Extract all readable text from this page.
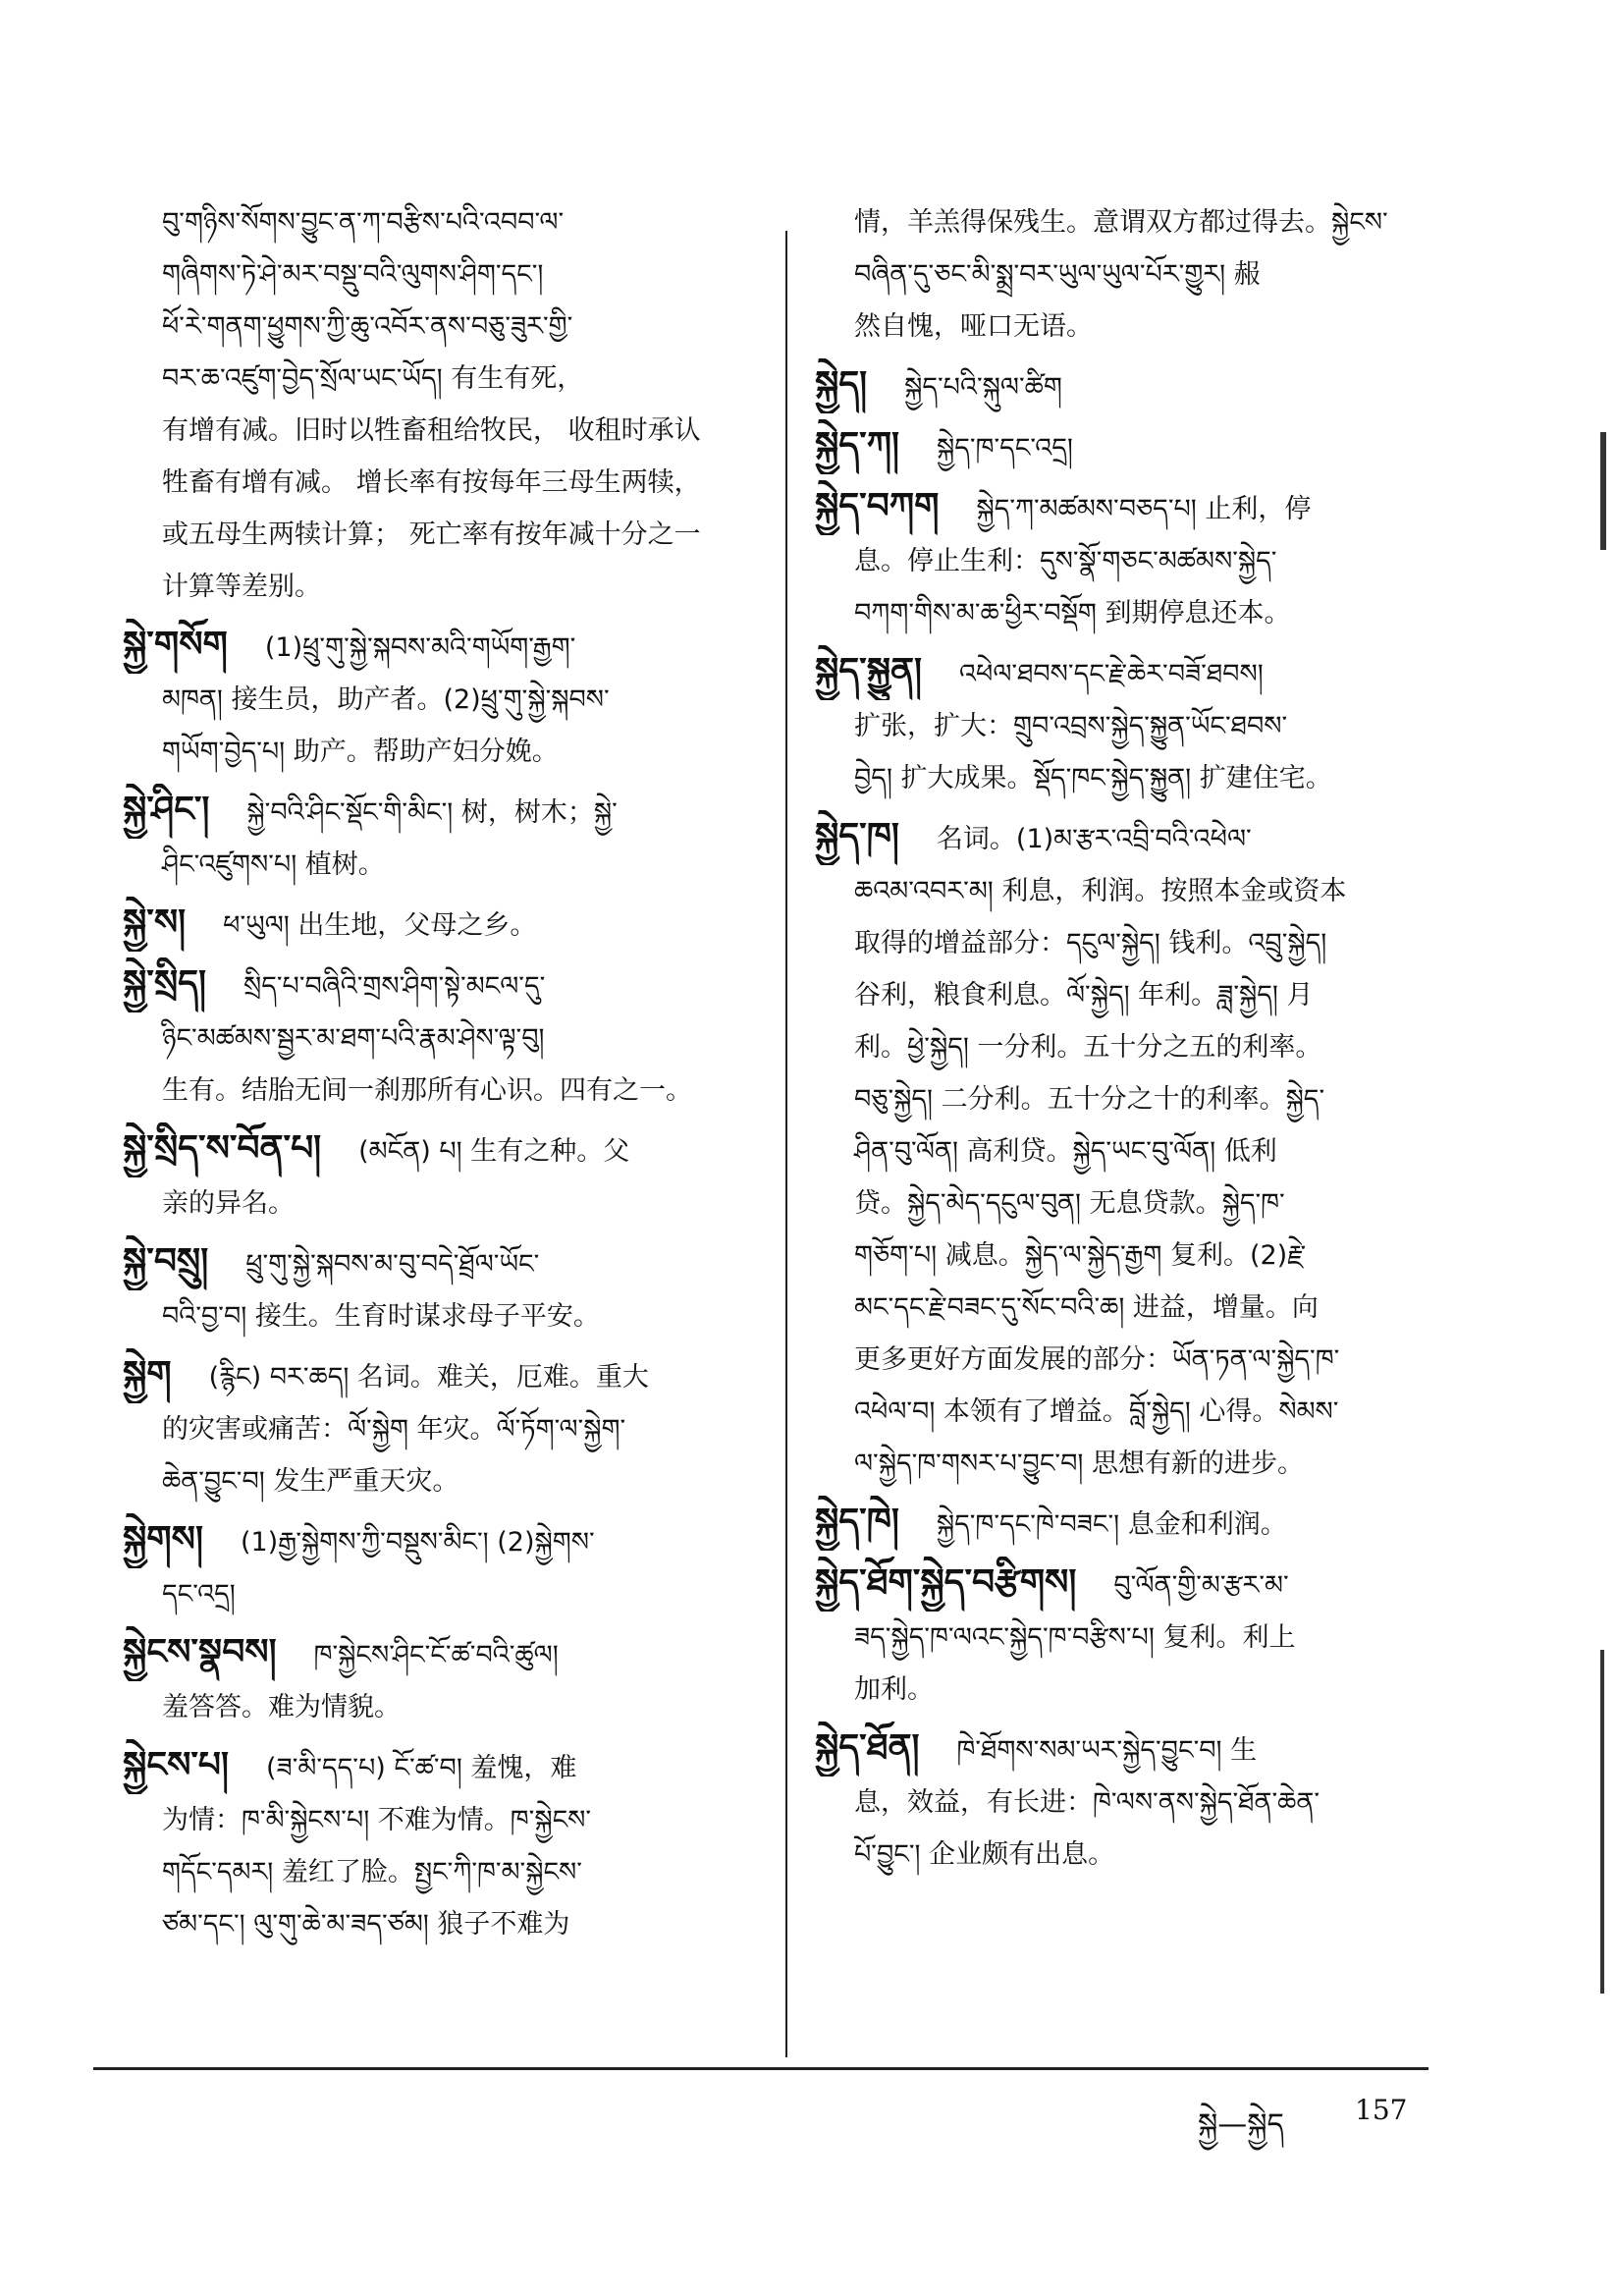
བུ་གཉིས་སོགས་བྱུང་ན་ཀ་བརྩིས་པའི་འབབ་ལ་
གཞིགས་ཏེ་ཤེ་མར་བསྡུ་བའི་ལུགས་ཤིག་དང་།
ཕོ་རེ་གནག་ཕྱུགས་ཀྱི་ཆུ་འབོར་ནས་བཅུ་ཟུར་གྱི་
བར་ཆ་འཛུག་བྱེད་སྲོལ་ཡང་ཡོད། 有生有死，
有增有减。旧时以牲畜租给牧民， 收租时承认
牲畜有增有减。 增长率有按每年三母生两犊，
或五母生两犊计算； 死亡率有按年减十分之一
计算等差别。
སྐྱེ་གསོག (1)ཕྲུ་གུ་སྐྱེ་སྐབས་མའི་གཡོག་རྒྱག་
མཁན། 接生员，助产者。(2)ཕྲུ་གུ་སྐྱེ་སྐབས་
གཡོག་བྱེད་པ། 助产。帮助产妇分娩。
སྐྱེ་ཤིང་། སྐྱེ་བའི་ཤིང་སྡོང་གི་མིང་། 树，树木；སྐྱེ་
ཤིང་འཛུགས་པ། 植树。
སྐྱེ་ས། ཕ་ཡུལ། 出生地，父母之乡。
སྐྱེ་སྲིད། སྲིད་པ་བཞིའི་གྲས་ཤིག་སྟེ་མངལ་དུ་
ཉིང་མཚམས་སྦྱར་མ་ཐག་པའི་རྣམ་ཤེས་ལྟ་བུ།
生有。结胎无间一刹那所有心识。四有之一。
སྐྱེ་སྲིད་ས་བོན་པ། (མངོན) པ། 生有之种。父
亲的异名。
སྐྱེ་བསྲུ། ཕྲུ་གུ་སྐྱེ་སྐབས་མ་བུ་བདེ་ཐྲོལ་ཡོང་
བའི་བྱ་བ། 接生。生育时谋求母子平安。
སྐྱེག (རྙིང) བར་ཆད། 名词。难关，厄难。重大
的灾害或痛苦：ལོ་སྐྱེག 年灾。ལོ་ཏོག་ལ་སྐྱེག་
ཆེན་བྱུང་བ། 发生严重天灾。
སྐྱེགས། (1)རྒྱ་སྐྱེགས་ཀྱི་བསྡུས་མིང་། (2)སྐྱེགས་
དང་འདྲ།
སྐྱེངས་སྣབས། ཁ་སྐྱེངས་ཤིང་ངོ་ཚ་བའི་ཚུལ།
羞答答。难为情貌。
སྐྱེངས་པ། (ཟ་མི་དད་པ) ངོ་ཚ་བ། 羞愧，难
为情：ཁ་མི་སྐྱེངས་པ། 不难为情。ཁ་སྐྱེངས་
གདོང་དམར། 羞红了脸。སྤྱང་ཀི་ཁ་མ་སྐྱེངས་
ཙམ་དང་། ལུ་གུ་ཆེ་མ་ཟད་ཙམ། 狼子不难为
情，羊羔得保残生。意谓双方都过得去。སྐྱེངས་
བཞིན་དུ་ཅང་མི་སྨྲ་བར་ཡུལ་ཡུལ་པོར་གྱུར། 赧
然自愧，哑口无语。
སྐྱེད། སྐྱེད་པའི་སྐུལ་ཚིག
སྐྱེད་ཀ། སྐྱེད་ཁ་དང་འདྲ།
སྐྱེད་བཀག སྐྱེད་ཀ་མཚམས་བཅད་པ། 止利，停
息。停止生利：དུས་སྣོ་གཅང་མཚམས་སྐྱེད་
བཀག་གིས་མ་ཆ་ཕྱིར་བསྡོག 到期停息还本。
སྐྱེད་སྐྱུན། འཕེལ་ཐབས་དང་རྗེ་ཆེར་བཟོ་ཐབས།
扩张，扩大：གྲུབ་འབྲས་སྐྱེད་སྐྱུན་ཡོང་ཐབས་
བྱེད། 扩大成果。སྡོད་ཁང་སྐྱེད་སྐྱུན། 扩建住宅。
སྐྱེད་ཁ། 名词。(1)མ་རྩར་འབྲི་བའི་འཕེལ་
ཆའམ་འབར་མ། 利息，利润。按照本金或资本
取得的增益部分：དངུལ་སྐྱེད། 钱利。འབྲུ་སྐྱེད།
谷利，粮食利息。ལོ་སྐྱེད། 年利。ཟླ་སྐྱེད། 月
利。ཕྱེ་སྐྱེད། 一分利。五十分之五的利率。
བཅུ་སྐྱེད། 二分利。五十分之十的利率。སྐྱེད་
ཤིན་བུ་ལོན། 高利贷。སྐྱེད་ཡང་བུ་ལོན། 低利
贷。སྐྱེད་མེད་དངུལ་བུན། 无息贷款。སྐྱེད་ཁ་
གཅོག་པ། 减息。སྐྱེད་ལ་སྐྱེད་རྒྱག 复利。(2)རྗེ་
མང་དང་རྗེ་བཟང་དུ་སོང་བའི་ཆ། 进益，增量。向
更多更好方面发展的部分：ཡོན་ཏན་ལ་སྐྱེད་ཁ་
འཕེལ་བ། 本领有了增益。བློ་སྐྱེད། 心得。སེམས་
ལ་སྐྱེད་ཁ་གསར་པ་བྱུང་བ། 思想有新的进步。
སྐྱེད་ཁེ། སྐྱེད་ཁ་དང་ཁེ་བཟང་། 息金和利润。
སྐྱེད་ཐོག་སྐྱེད་བརྩིགས། བུ་ལོན་གྱི་མ་རྩར་མ་
ཟད་སྐྱེད་ཁ་ལའང་སྐྱེད་ཁ་བརྩིས་པ། 复利。利上
加利。
སྐྱེད་ཐོན། ཁེ་ཐོགས་སམ་ཡར་སྐྱེད་བྱུང་བ། 生
息，效益，有长进：ཁེ་ལས་ནས་སྐྱེད་ཐོན་ཆེན་
པོ་བྱུང་། 企业颇有出息。
སྐྱེ—སྐྱེད	157
